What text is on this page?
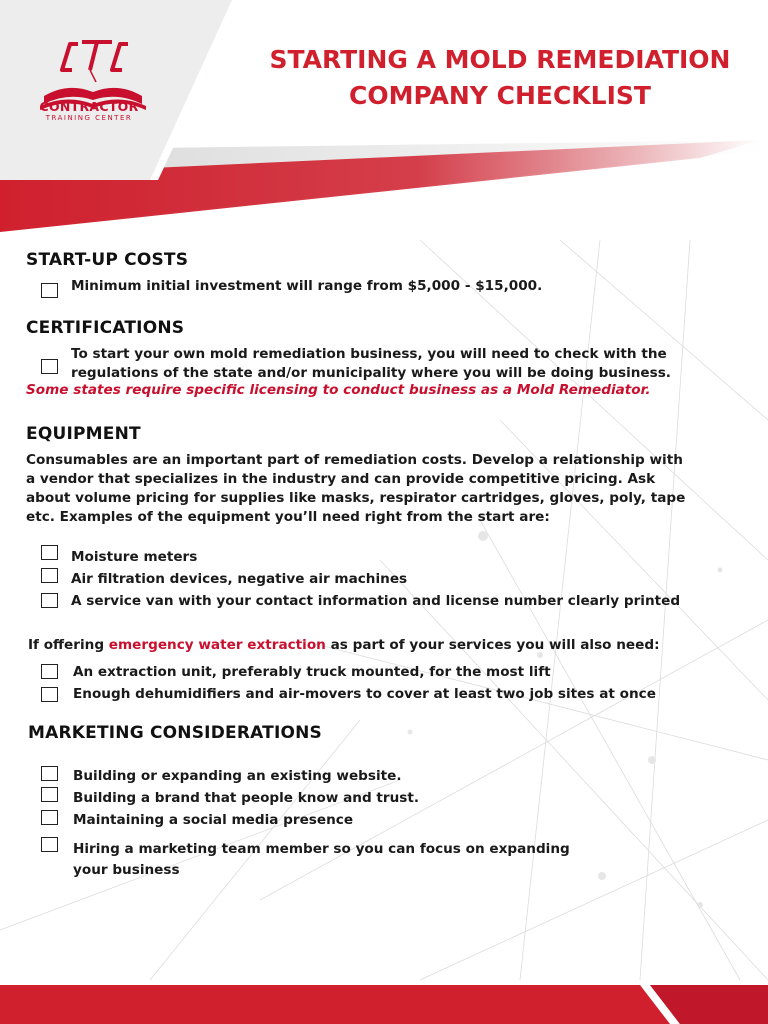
CONTRACTOR
TRAINING CENTER
STARTING A MOLD REMEDIATION
COMPANY CHECKLIST
START-UP COSTS
Minimum initial investment will range from $5,000 - $15,000.
CERTIFICATIONS
To start your own mold remediation business, you will need to check with the
regulations of the state and/or municipality where you will be doing business.
Some states require specific licensing to conduct business as a Mold Remediator.
EQUIPMENT
Consumables are an important part of remediation costs. Develop a relationship with
a vendor that specializes in the industry and can provide competitive pricing. Ask
about volume pricing for supplies like masks, respirator cartridges, gloves, poly, tape
etc. Examples of the equipment you’ll need right from the start are:
Moisture meters
Air filtration devices, negative air machines
A service van with your contact information and license number clearly printed
If offering emergency water extraction as part of your services you will also need:
An extraction unit, preferably truck mounted, for the most lift
Enough dehumidifiers and air-movers to cover at least two job sites at once
MARKETING CONSIDERATIONS
Building or expanding an existing website.
Building a brand that people know and trust.
Maintaining a social media presence
Hiring a marketing team member so you can focus on expanding
your business
